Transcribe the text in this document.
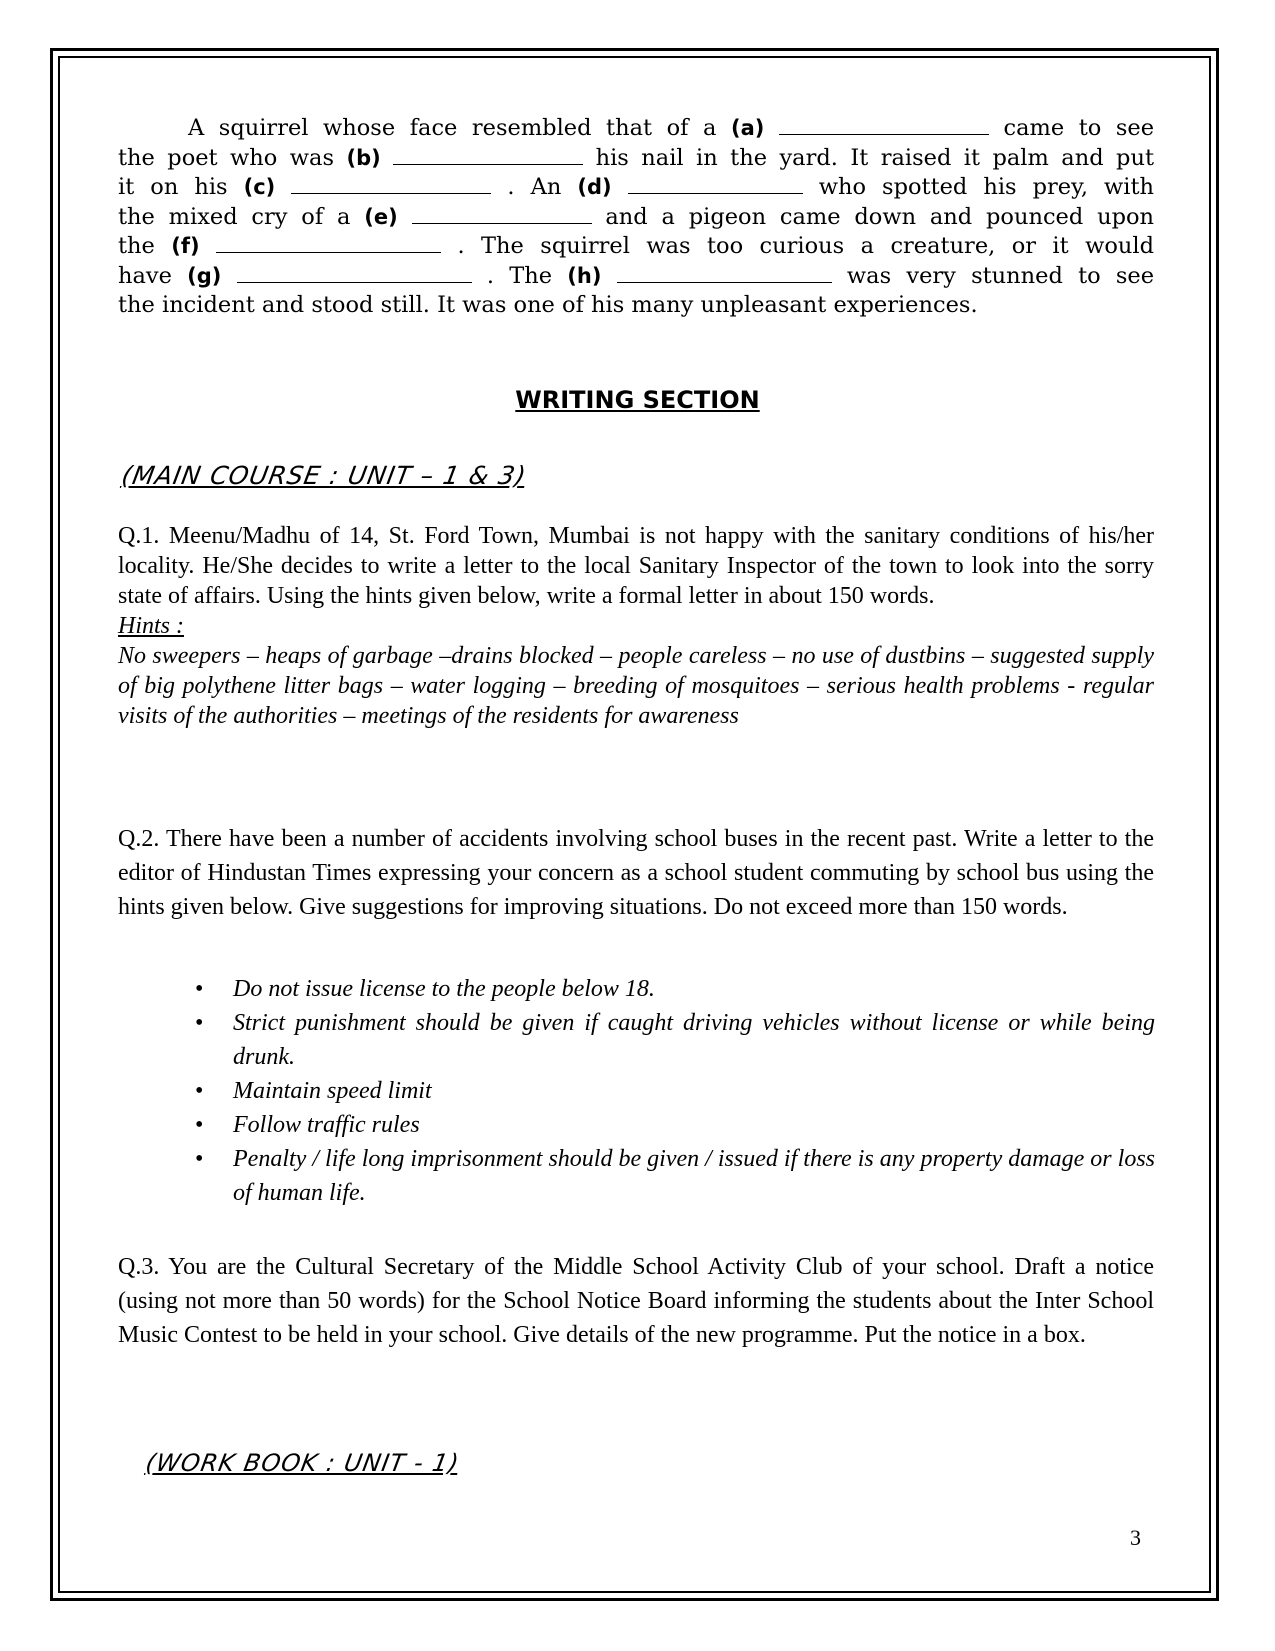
A squirrel whose face resembled that of a (a)	came to see
the poet who was (b)	his nail in the yard. It raised it palm and put
it on his (c)	. An (d)	who spotted his prey, with
the mixed cry of a (e)	and a pigeon came down and pounced upon
the (f)	. The squirrel was too curious a creature, or it would
have (g)	. The (h)	was very stunned to see
the incident and stood still. It was one of his many unpleasant experiences.
WRITING SECTION
(MAIN COURSE : UNIT – 1 & 3)
Q.1. Meenu/Madhu of 14, St. Ford Town, Mumbai is not happy with the sanitary conditions of his/her locality. He/She decides to write a letter to the local Sanitary Inspector of the town to look into the sorry state of affairs. Using the hints given below, write a formal letter in about 150 words.
Hints :
No sweepers – heaps of garbage –drains blocked – people careless – no use of dustbins – suggested supply of big polythene litter bags – water logging – breeding of mosquitoes – serious health problems - regular visits of the authorities – meetings of the residents for awareness
Q.2. There have been a number of accidents involving school buses in the recent past. Write a letter to the editor of Hindustan Times expressing your concern as a school student commuting by school bus using the hints given below. Give suggestions for improving situations. Do not exceed more than 150 words.
• Do not issue license to the people below 18.
• Strict punishment should be given if caught driving vehicles without license or while being drunk.
• Maintain speed limit
• Follow traffic rules
• Penalty / life long imprisonment should be given / issued if there is any property damage or loss of human life.
Q.3. You are the Cultural Secretary of the Middle School Activity Club of your school. Draft a notice (using not more than 50 words) for the School Notice Board informing the students about the Inter School Music Contest to be held in your school. Give details of the new programme. Put the notice in a box.
(WORK BOOK : UNIT - 1)
3
